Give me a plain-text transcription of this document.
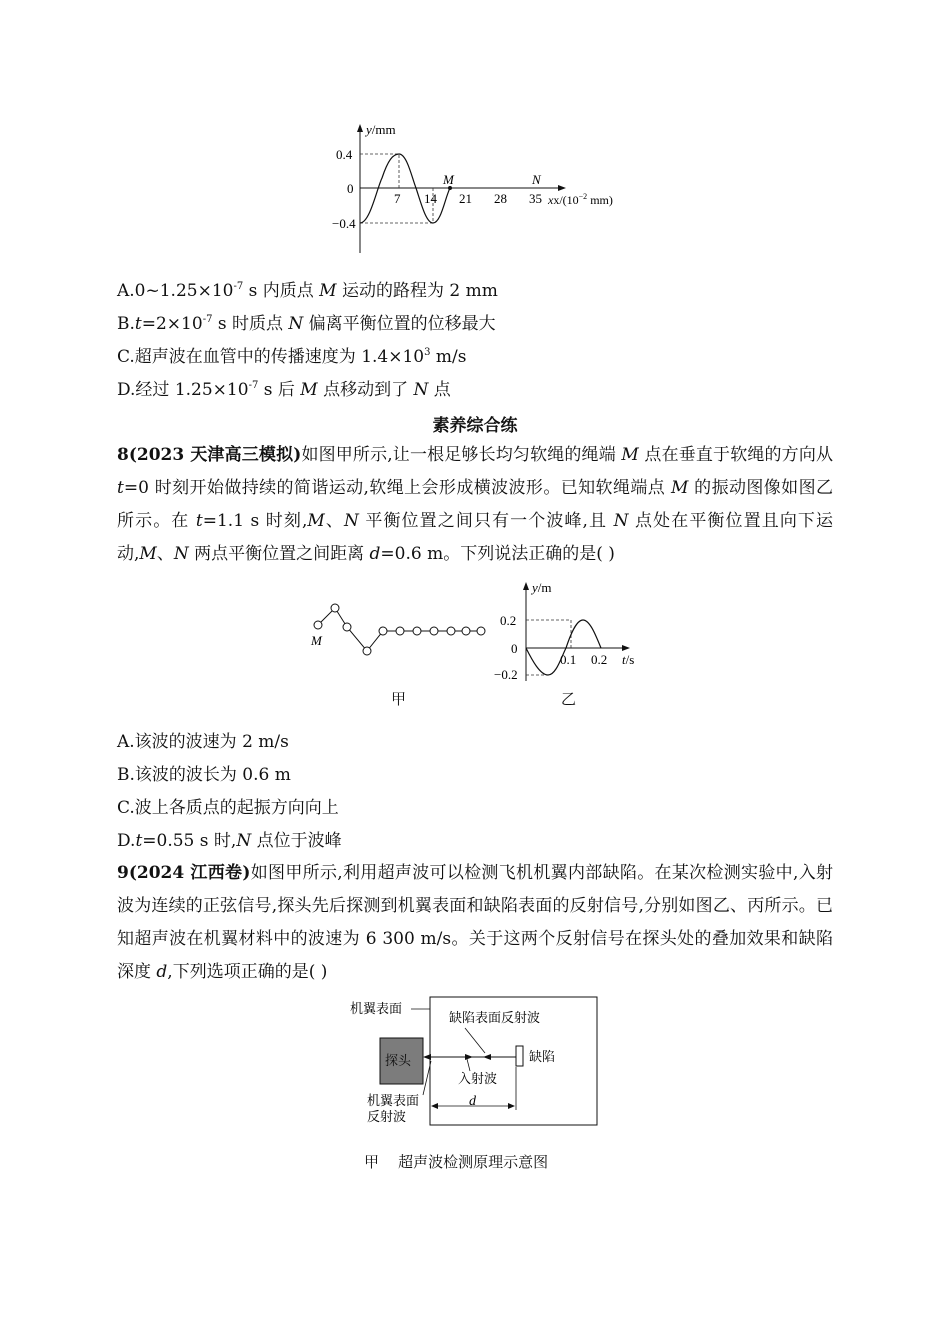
y/mm
0.4
0
−0.4
7 14 21 28 35
M	N
$xx/(10^{-2}$ mm)
$A.0\sim 1.25\times 10^{-7}$ s 内质点 M 运动的路程为 2 mm
$B.t=2\times 10^{-7}$ s 时质点 N 偏离平衡位置的位移最大
C.超声波在血管中的传播速度为 $1.4\times 10^3$ m/s
D.经过 $1.25\times 10^{-7}$ s 后 M 点移动到了 N 点
素养综合练
8(2023 天津高三模拟)如图甲所示,让一根足够长均匀软绳的绳端 M 点在垂直于软绳的方向从 t=0 时刻开始做持续的简谐运动,软绳上会形成横波波形。已知软绳端点 M 的振动图像如图乙所示。在 t=1.1 s 时刻,M、N 平衡位置之间只有一个波峰,且 N 点处在平衡位置且向下运动,M、N 两点平衡位置之间距离 d=0.6 m。下列说法正确的是( )
M
甲
y/m
0.2
0
−0.2
0.1 0.2 t/s
乙
A.该波的波速为 2 m/s
B.该波的波长为 0.6 m
C.波上各质点的起振方向向上
D.t=0.55 s 时,N 点位于波峰
9(2024 江西卷)如图甲所示,利用超声波可以检测飞机机翼内部缺陷。在某次检测实验中,入射波为连续的正弦信号,探头先后探测到机翼表面和缺陷表面的反射信号,分别如图乙、丙所示。已知超声波在机翼材料中的波速为 6 300 m/s。关于这两个反射信号在探头处的叠加效果和缺陷深度 d,下列选项正确的是( )
探头
机翼表面
缺陷表面反射波
缺陷
入射波
机翼表面
反射波
d
甲    超声波检测原理示意图
